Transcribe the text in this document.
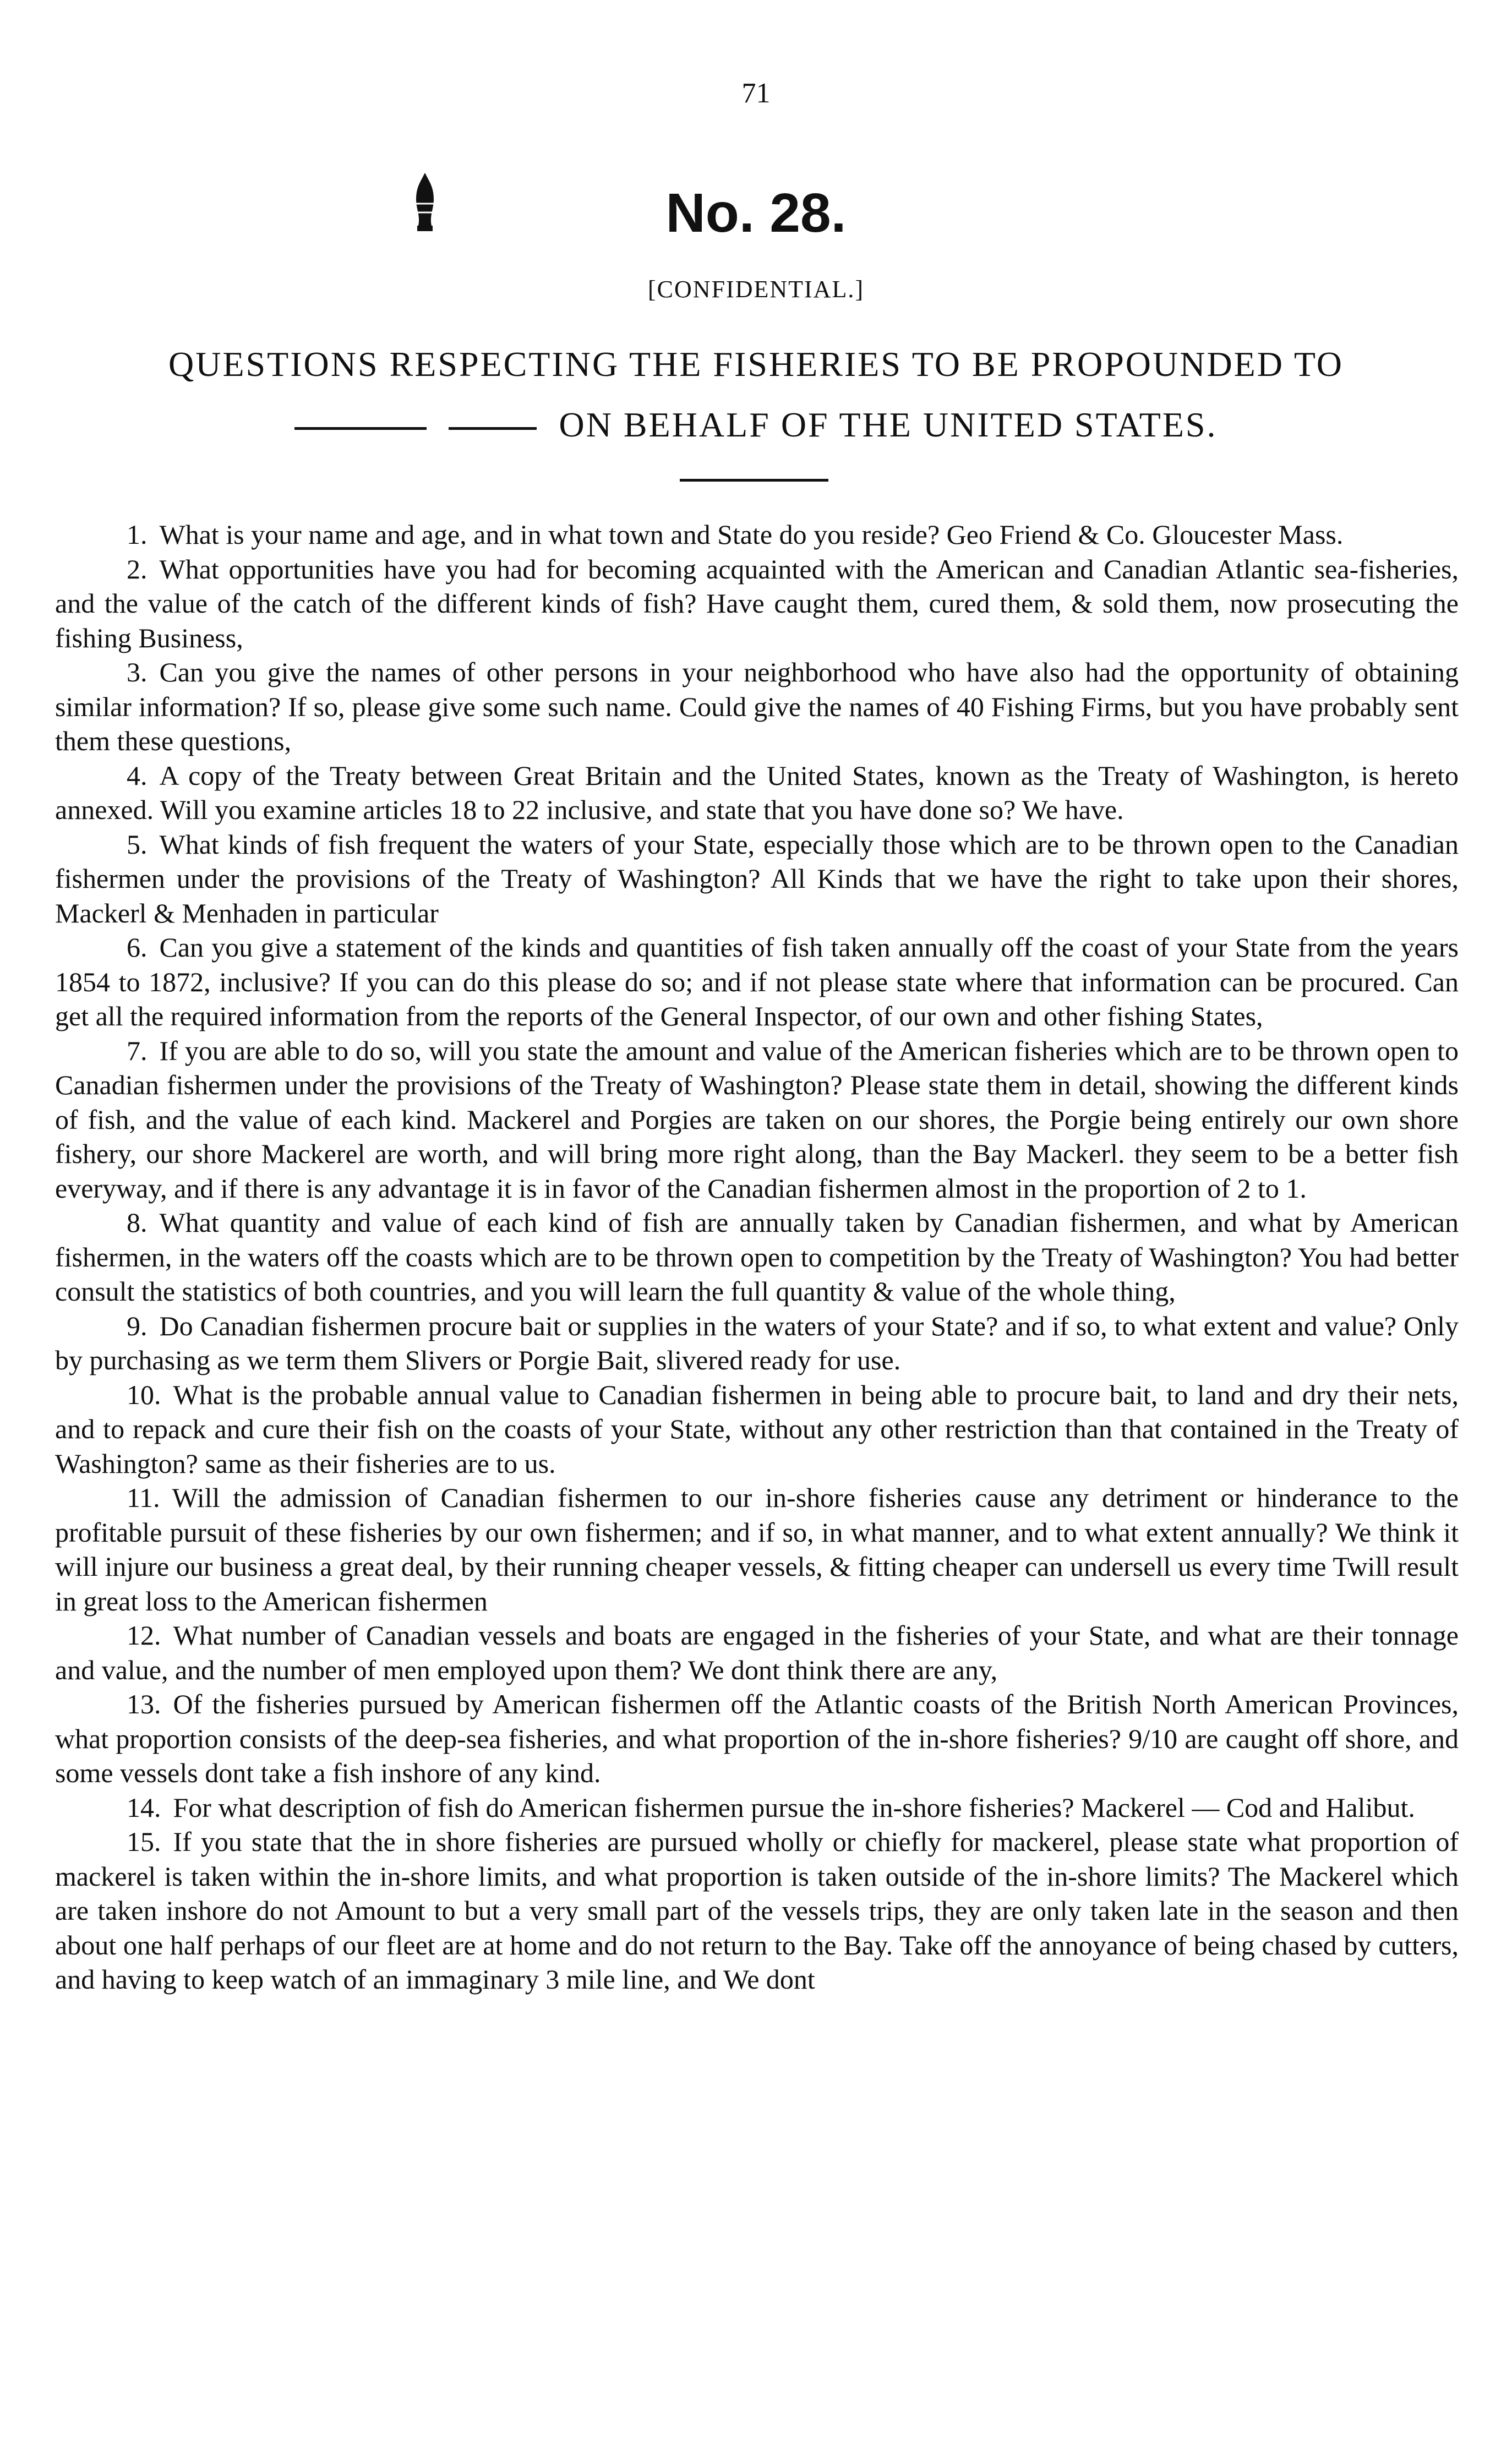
71
No. 28.
[CONFIDENTIAL.]
QUESTIONS RESPECTING THE FISHERIES TO BE PROPOUNDED TO
ON BEHALF OF THE UNITED STATES.

1. What is your name and age, and in what town and State do you reside? Geo Friend & Co. Gloucester Mass.

2. What opportunities have you had for becoming acquainted with the American and Canadian Atlantic sea-fisheries, and the value of the catch of the different kinds of fish? Have caught them, cured them, & sold them, now prosecuting the fishing Business,

3. Can you give the names of other persons in your neighborhood who have also had the opportunity of obtaining similar information? If so, please give some such name. Could give the names of 40 Fishing Firms, but you have probably sent them these questions,

4. A copy of the Treaty between Great Britain and the United States, known as the Treaty of Washington, is hereto annexed. Will you examine articles 18 to 22 inclusive, and state that you have done so? We have.

5. What kinds of fish frequent the waters of your State, especially those which are to be thrown open to the Canadian fishermen under the provisions of the Treaty of Washington? All Kinds that we have the right to take upon their shores, Mackerl & Menhaden in particular

6. Can you give a statement of the kinds and quantities of fish taken annually off the coast of your State from the years 1854 to 1872, inclusive? If you can do this please do so; and if not please state where that information can be procured. Can get all the required information from the reports of the General Inspector, of our own and other fishing States,

7. If you are able to do so, will you state the amount and value of the American fisheries which are to be thrown open to Canadian fishermen under the provisions of the Treaty of Washington? Please state them in detail, showing the different kinds of fish, and the value of each kind. Mackerel and Porgies are taken on our shores, the Porgie being entirely our own shore fishery, our shore Mackerel are worth, and will bring more right along, than the Bay Mackerl. they seem to be a better fish everyway, and if there is any advantage it is in favor of the Canadian fishermen almost in the proportion of 2 to 1.

8. What quantity and value of each kind of fish are annually taken by Canadian fishermen, and what by American fishermen, in the waters off the coasts which are to be thrown open to competition by the Treaty of Washington? You had better consult the statistics of both countries, and you will learn the full quantity & value of the whole thing,

9. Do Canadian fishermen procure bait or supplies in the waters of your State? and if so, to what extent and value? Only by purchasing as we term them Slivers or Porgie Bait, slivered ready for use.

10. What is the probable annual value to Canadian fishermen in being able to procure bait, to land and dry their nets, and to repack and cure their fish on the coasts of your State, without any other restriction than that contained in the Treaty of Washington? same as their fisheries are to us.

11. Will the admission of Canadian fishermen to our in-shore fisheries cause any detriment or hinderance to the profitable pursuit of these fisheries by our own fishermen; and if so, in what manner, and to what extent annually? We think it will injure our business a great deal, by their running cheaper vessels, & fitting cheaper can undersell us every time Twill result in great loss to the American fishermen

12. What number of Canadian vessels and boats are engaged in the fisheries of your State, and what are their tonnage and value, and the number of men employed upon them? We dont think there are any,

13. Of the fisheries pursued by American fishermen off the Atlantic coasts of the British North American Provinces, what proportion consists of the deep-sea fisheries, and what proportion of the in-shore fisheries? 9/10 are caught off shore, and some vessels dont take a fish inshore of any kind.

14. For what description of fish do American fishermen pursue the in-shore fisheries? Mackerel — Cod and Halibut.

15. If you state that the in shore fisheries are pursued wholly or chiefly for mackerel, please state what proportion of mackerel is taken within the in-shore limits, and what proportion is taken outside of the in-shore limits? The Mackerel which are taken inshore do not Amount to but a very small part of the vessels trips, they are only taken late in the season and then about one half perhaps of our fleet are at home and do not return to the Bay. Take off the annoyance of being chased by cutters, and having to keep watch of an immaginary 3 mile line, and We dont
